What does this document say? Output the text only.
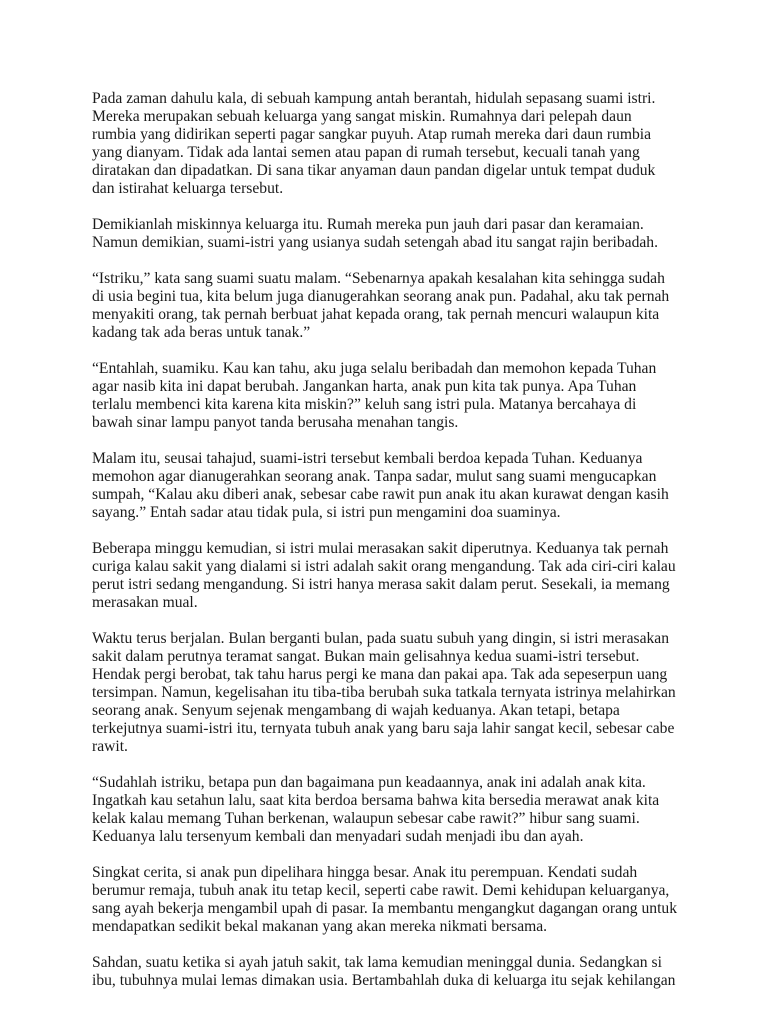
Pada zaman dahulu kala, di sebuah kampung antah berantah, hidulah sepasang suami istri.
Mereka merupakan sebuah keluarga yang sangat miskin. Rumahnya dari pelepah daun
rumbia yang didirikan seperti pagar sangkar puyuh. Atap rumah mereka dari daun rumbia
yang dianyam. Tidak ada lantai semen atau papan di rumah tersebut, kecuali tanah yang
diratakan dan dipadatkan. Di sana tikar anyaman daun pandan digelar untuk tempat duduk
dan istirahat keluarga tersebut.
Demikianlah miskinnya keluarga itu. Rumah mereka pun jauh dari pasar dan keramaian.
Namun demikian, suami-istri yang usianya sudah setengah abad itu sangat rajin beribadah.
“Istriku,” kata sang suami suatu malam. “Sebenarnya apakah kesalahan kita sehingga sudah
di usia begini tua, kita belum juga dianugerahkan seorang anak pun. Padahal, aku tak pernah
menyakiti orang, tak pernah berbuat jahat kepada orang, tak pernah mencuri walaupun kita
kadang tak ada beras untuk tanak.”
“Entahlah, suamiku. Kau kan tahu, aku juga selalu beribadah dan memohon kepada Tuhan
agar nasib kita ini dapat berubah. Jangankan harta, anak pun kita tak punya. Apa Tuhan
terlalu membenci kita karena kita miskin?” keluh sang istri pula. Matanya bercahaya di
bawah sinar lampu panyot tanda berusaha menahan tangis.
Malam itu, seusai tahajud, suami-istri tersebut kembali berdoa kepada Tuhan. Keduanya
memohon agar dianugerahkan seorang anak. Tanpa sadar, mulut sang suami mengucapkan
sumpah, “Kalau aku diberi anak, sebesar cabe rawit pun anak itu akan kurawat dengan kasih
sayang.” Entah sadar atau tidak pula, si istri pun mengamini doa suaminya.
Beberapa minggu kemudian, si istri mulai merasakan sakit diperutnya. Keduanya tak pernah
curiga kalau sakit yang dialami si istri adalah sakit orang mengandung. Tak ada ciri-ciri kalau
perut istri sedang mengandung. Si istri hanya merasa sakit dalam perut. Sesekali, ia memang
merasakan mual.
Waktu terus berjalan. Bulan berganti bulan, pada suatu subuh yang dingin, si istri merasakan
sakit dalam perutnya teramat sangat. Bukan main gelisahnya kedua suami-istri tersebut.
Hendak pergi berobat, tak tahu harus pergi ke mana dan pakai apa. Tak ada sepeserpun uang
tersimpan. Namun, kegelisahan itu tiba-tiba berubah suka tatkala ternyata istrinya melahirkan
seorang anak. Senyum sejenak mengambang di wajah keduanya. Akan tetapi, betapa
terkejutnya suami-istri itu, ternyata tubuh anak yang baru saja lahir sangat kecil, sebesar cabe
rawit.
“Sudahlah istriku, betapa pun dan bagaimana pun keadaannya, anak ini adalah anak kita.
Ingatkah kau setahun lalu, saat kita berdoa bersama bahwa kita bersedia merawat anak kita
kelak kalau memang Tuhan berkenan, walaupun sebesar cabe rawit?” hibur sang suami.
Keduanya lalu tersenyum kembali dan menyadari sudah menjadi ibu dan ayah.
Singkat cerita, si anak pun dipelihara hingga besar. Anak itu perempuan. Kendati sudah
berumur remaja, tubuh anak itu tetap kecil, seperti cabe rawit. Demi kehidupan keluarganya,
sang ayah bekerja mengambil upah di pasar. Ia membantu mengangkut dagangan orang untuk
mendapatkan sedikit bekal makanan yang akan mereka nikmati bersama.
Sahdan, suatu ketika si ayah jatuh sakit, tak lama kemudian meninggal dunia. Sedangkan si
ibu, tubuhnya mulai lemas dimakan usia. Bertambahlah duka di keluarga itu sejak kehilangan
